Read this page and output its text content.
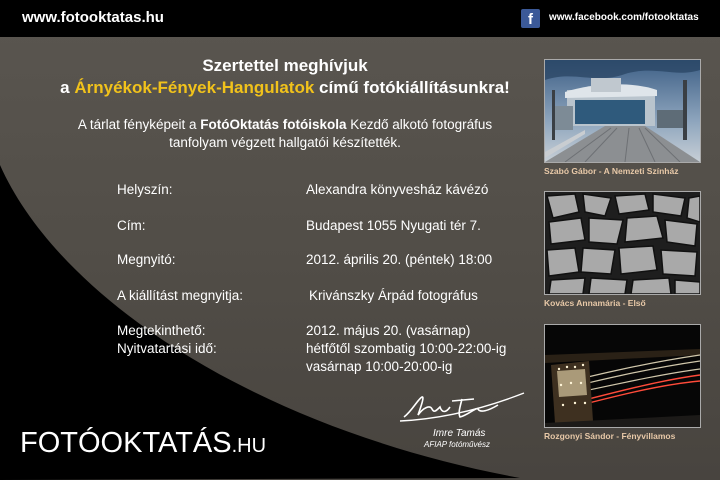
www.fotooktatas.hu	f	www.facebook.com/fotooktatas
Szertettel meghívjuk
a Árnyékok-Fények-Hangulatok című fotókiállításunkra!
A tárlat fényképeit a FotóOktatás fotóiskola Kezdő alkotó fotográfus
tanfolyam végzett hallgatói készítették.
Helyszín:	Alexandra könyvesház kávézó
Cím:	Budapest 1055 Nyugati tér 7.
Megnyitó:	2012. április 20. (péntek) 18:00
A kiállítást megnyitja:	Krivánszky Árpád fotográfus
Megtekinthető:	2012. május 20. (vasárnap)
Nyitvatartási idő:	hétfőtől szombatig 10:00-22:00-ig
vasárnap 10:00-20:00-ig
Imre Tamás
AFIAP fotóművész
FOTÓOKTATÁS.HU
Szabó Gábor - A Nemzeti Színház
Kovács Annamária - Első
Rozgonyi Sándor - Fényvillamos
